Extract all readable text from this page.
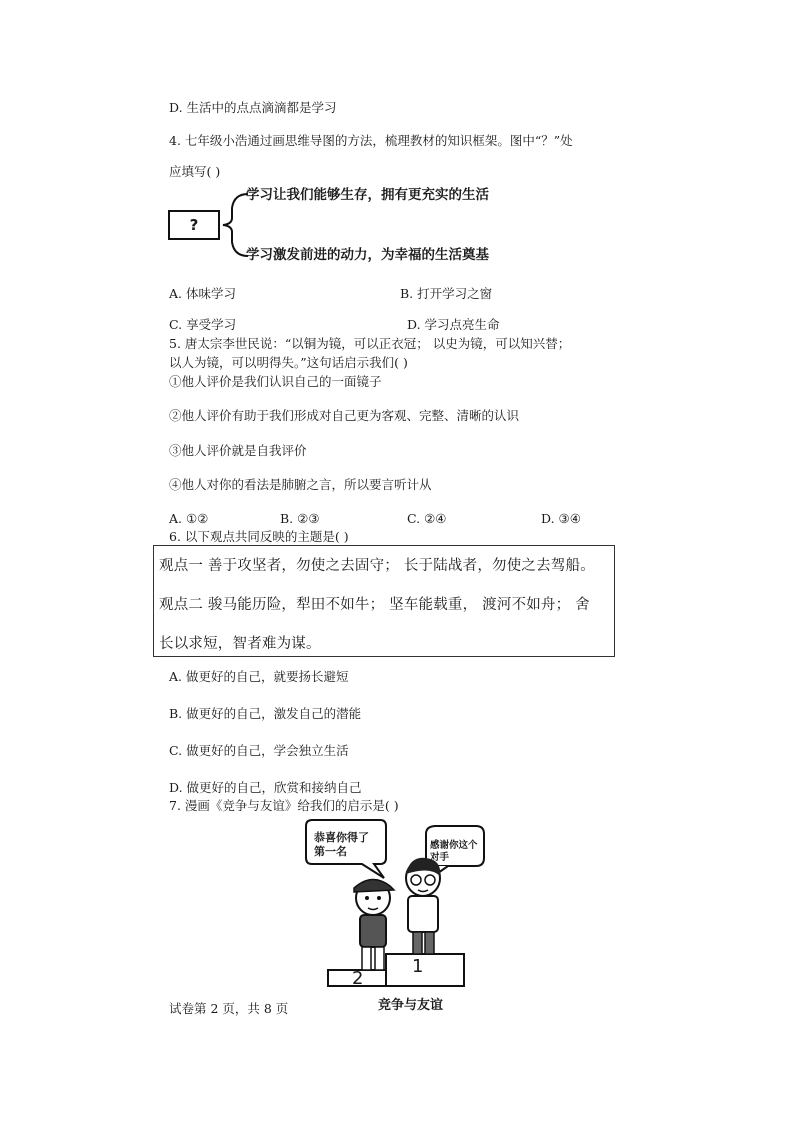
D. 生活中的点点滴滴都是学习
4. 七年级小浩通过画思维导图的方法，梳理教材的知识框架。图中“？”处
应填写( )
?
学习让我们能够生存，拥有更充实的生活
学习激发前进的动力，为幸福的生活奠基
A. 体味学习	B. 打开学习之窗
C. 享受学习	D. 学习点亮生命
5. 唐太宗李世民说：“以铜为镜，可以正衣冠； 以史为镜，可以知兴替；
以人为镜，可以明得失。”这句话启示我们( )
①他人评价是我们认识自己的一面镜子
②他人评价有助于我们形成对自己更为客观、完整、清晰的认识
③他人评价就是自我评价
④他人对你的看法是肺腑之言，所以要言听计从
A. ①②	B. ②③	C. ②④	D. ③④
6. 以下观点共同反映的主题是( )
观点一 善于攻坚者，勿使之去固守； 长于陆战者，勿使之去驾船。
观点二 骏马能历险，犁田不如牛； 坚车能载重， 渡河不如舟； 舍
长以求短，智者难为谋。
A. 做更好的自己，就要扬长避短
B. 做更好的自己，激发自己的潜能
C. 做更好的自己，学会独立生活
D. 做更好的自己，欣赏和接纳自己
7. 漫画《竞争与友谊》给我们的启示是( )
恭喜你得了
第一名	感谢你这个对手
2
1
竞争与友谊
试卷第 2 页，共 8 页
